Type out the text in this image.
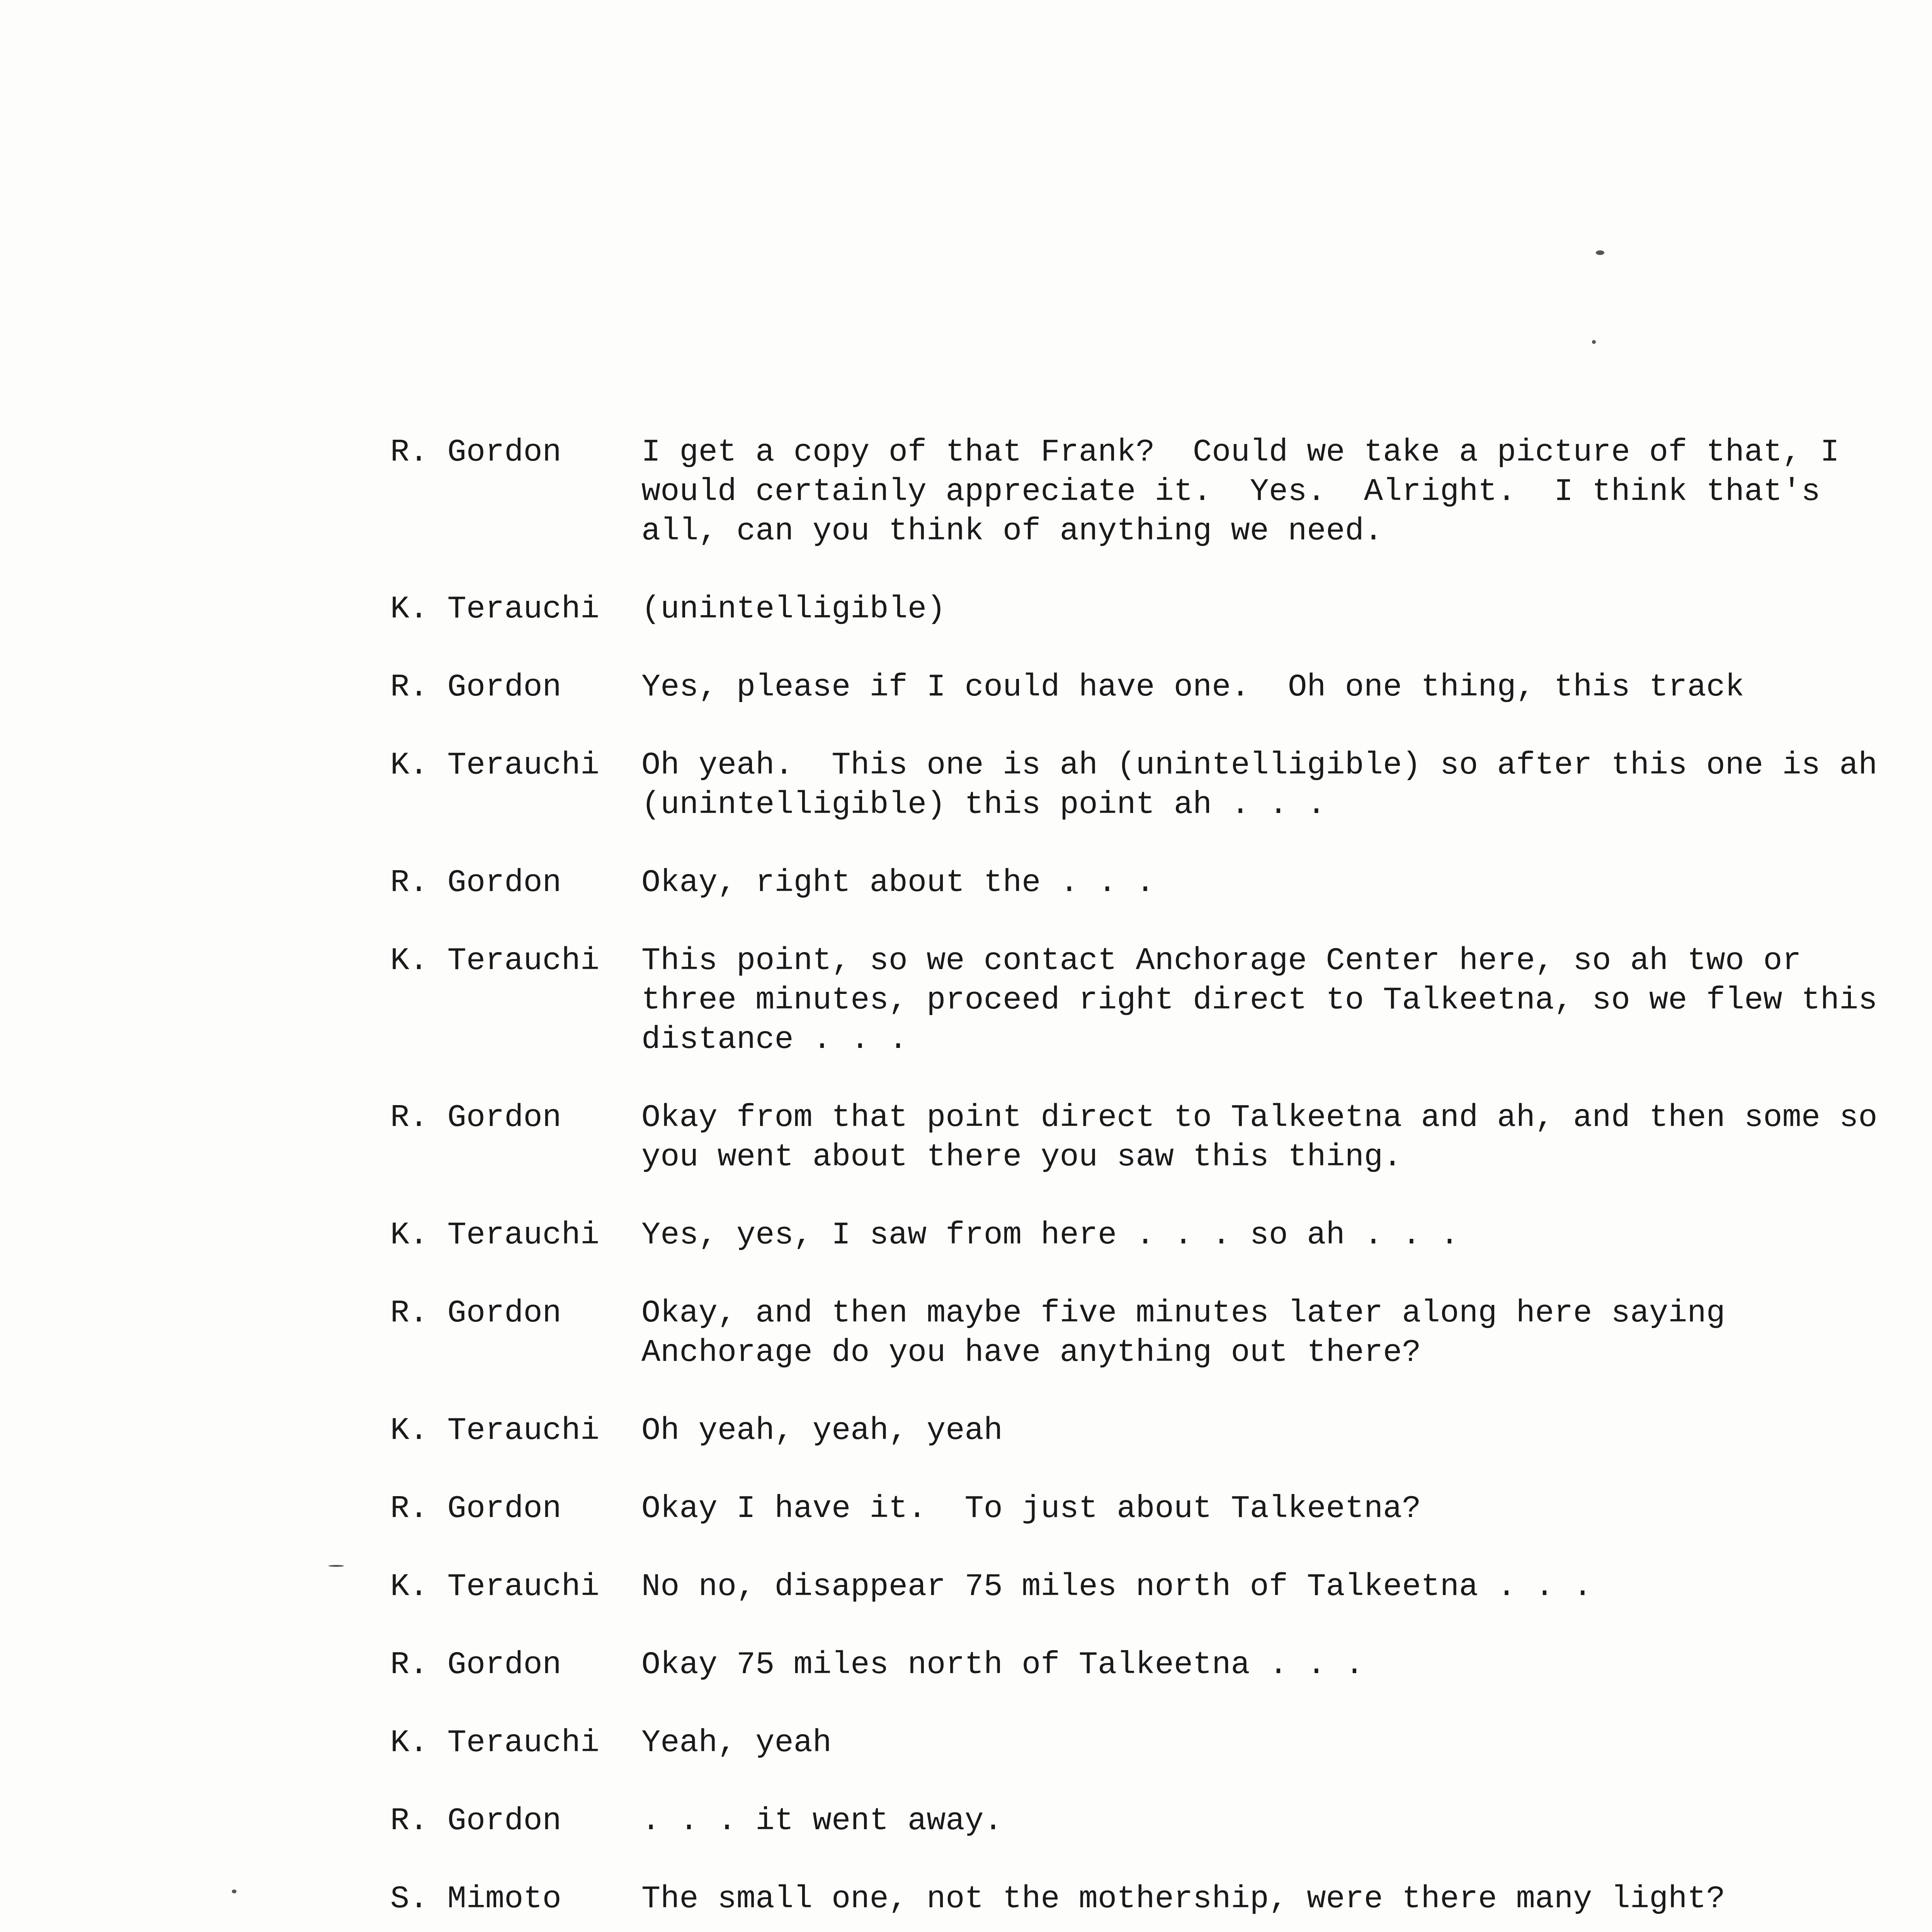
R. Gordon	I get a copy of that Frank?  Could we take a picture of that, I
would certainly appreciate it.  Yes.  Alright.  I think that's
all, can you think of anything we need.
K. Terauchi	(unintelligible)
R. Gordon	Yes, please if I could have one.  Oh one thing, this track
K. Terauchi	Oh yeah.  This one is ah (unintelligible) so after this one is ah
(unintelligible) this point ah . . .
R. Gordon	Okay, right about the . . .
K. Terauchi	This point, so we contact Anchorage Center here, so ah two or
three minutes, proceed right direct to Talkeetna, so we flew this
distance . . .
R. Gordon	Okay from that point direct to Talkeetna and ah, and then some so
you went about there you saw this thing.
K. Terauchi	Yes, yes, I saw from here . . . so ah . . .
R. Gordon	Okay, and then maybe five minutes later along here saying
Anchorage do you have anything out there?
K. Terauchi	Oh yeah, yeah, yeah
R. Gordon	Okay I have it.  To just about Talkeetna?
K. Terauchi	No no, disappear 75 miles north of Talkeetna . . .
R. Gordon	Okay 75 miles north of Talkeetna . . .
K. Terauchi	Yeah, yeah
R. Gordon	. . . it went away.
S. Mimoto	The small one, not the mothership, were there many light?
